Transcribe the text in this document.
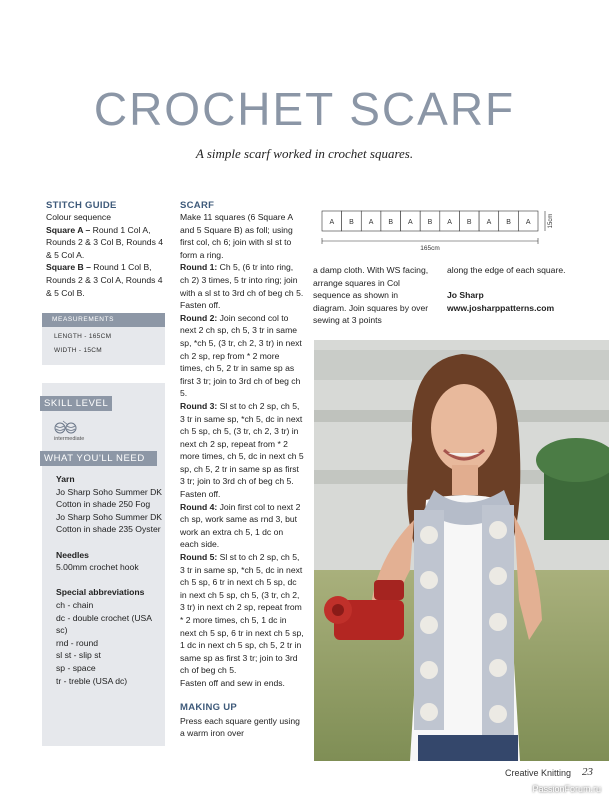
CROCHET SCARF
A simple scarf worked in crochet squares.
STITCH GUIDE

Colour sequence

Square A – Round 1 Col A, Rounds 2 & 3 Col B, Rounds 4 & 5 Col A.

Square B – Round 1 Col B, Rounds 2 & 3 Col A, Rounds 4 & 5 Col B.

MEASUREMENTS
LENGTH - 165CM
WIDTH - 15CM
SKILL LEVEL
intermediate
WHAT YOU'LL NEED

Yarn

Jo Sharp Soho Summer DK Cotton in shade 250 Fog

Jo Sharp Soho Summer DK Cotton in shade 235 Oyster

Needles

5.00mm crochet hook

Special abbreviations

ch - chain

dc - double crochet (USA sc)

rnd - round

sl st - slip st

sp - space

tr - treble (USA dc)

SCARF

Make 11 squares (6 Square A and 5 Square B) as foll; using first col, ch 6; join with sl st to form a ring.

Round 1: Ch 5, (6 tr into ring, ch 2) 3 times, 5 tr into ring; join with a sl st to 3rd ch of beg ch 5. Fasten off.

Round 2: Join second col to next 2 ch sp, ch 5, 3 tr in same sp, *ch 5, (3 tr, ch 2, 3 tr) in next ch 2 sp, rep from * 2 more times, ch 5, 2 tr in same sp as first 3 tr; join to 3rd ch of beg ch 5.

Round 3: Sl st to ch 2 sp, ch 5, 3 tr in same sp, *ch 5, dc in next ch 5 sp, ch 5, (3 tr, ch 2, 3 tr) in next ch 2 sp, repeat from * 2 more times, ch 5, dc in next ch 5 sp, ch 5, 2 tr in same sp as first 3 tr; join to 3rd ch of beg ch 5. Fasten off.

Round 4: Join first col to next 2 ch sp, work same as rnd 3, but work an extra ch 5, 1 dc on each side.

Round 5: Sl st to ch 2 sp, ch 5, 3 tr in same sp, *ch 5, dc in next ch 5 sp, 6 tr in next ch 5 sp, dc in next ch 5 sp, ch 5, (3 tr, ch 2, 3 tr) in next ch 2 sp, repeat from * 2 more times, ch 5, 1 dc in next ch 5 sp, 6 tr in next ch 5 sp, 1 dc in next ch 5 sp, ch 5, 2 tr in same sp as first 3 tr; join to 3rd ch of beg ch 5.

Fasten off and sew in ends.

MAKING UP

Press each square gently using a warm iron over

A B A B A B A B A B A
165cm
15cm
a damp cloth. With WS facing, arrange squares in Col sequence as shown in diagram. Join squares by over sewing at 3 points

along the edge of each square.

Jo Sharp

www.josharppatterns.com

Creative Knitting 23
PassionForum.ru
